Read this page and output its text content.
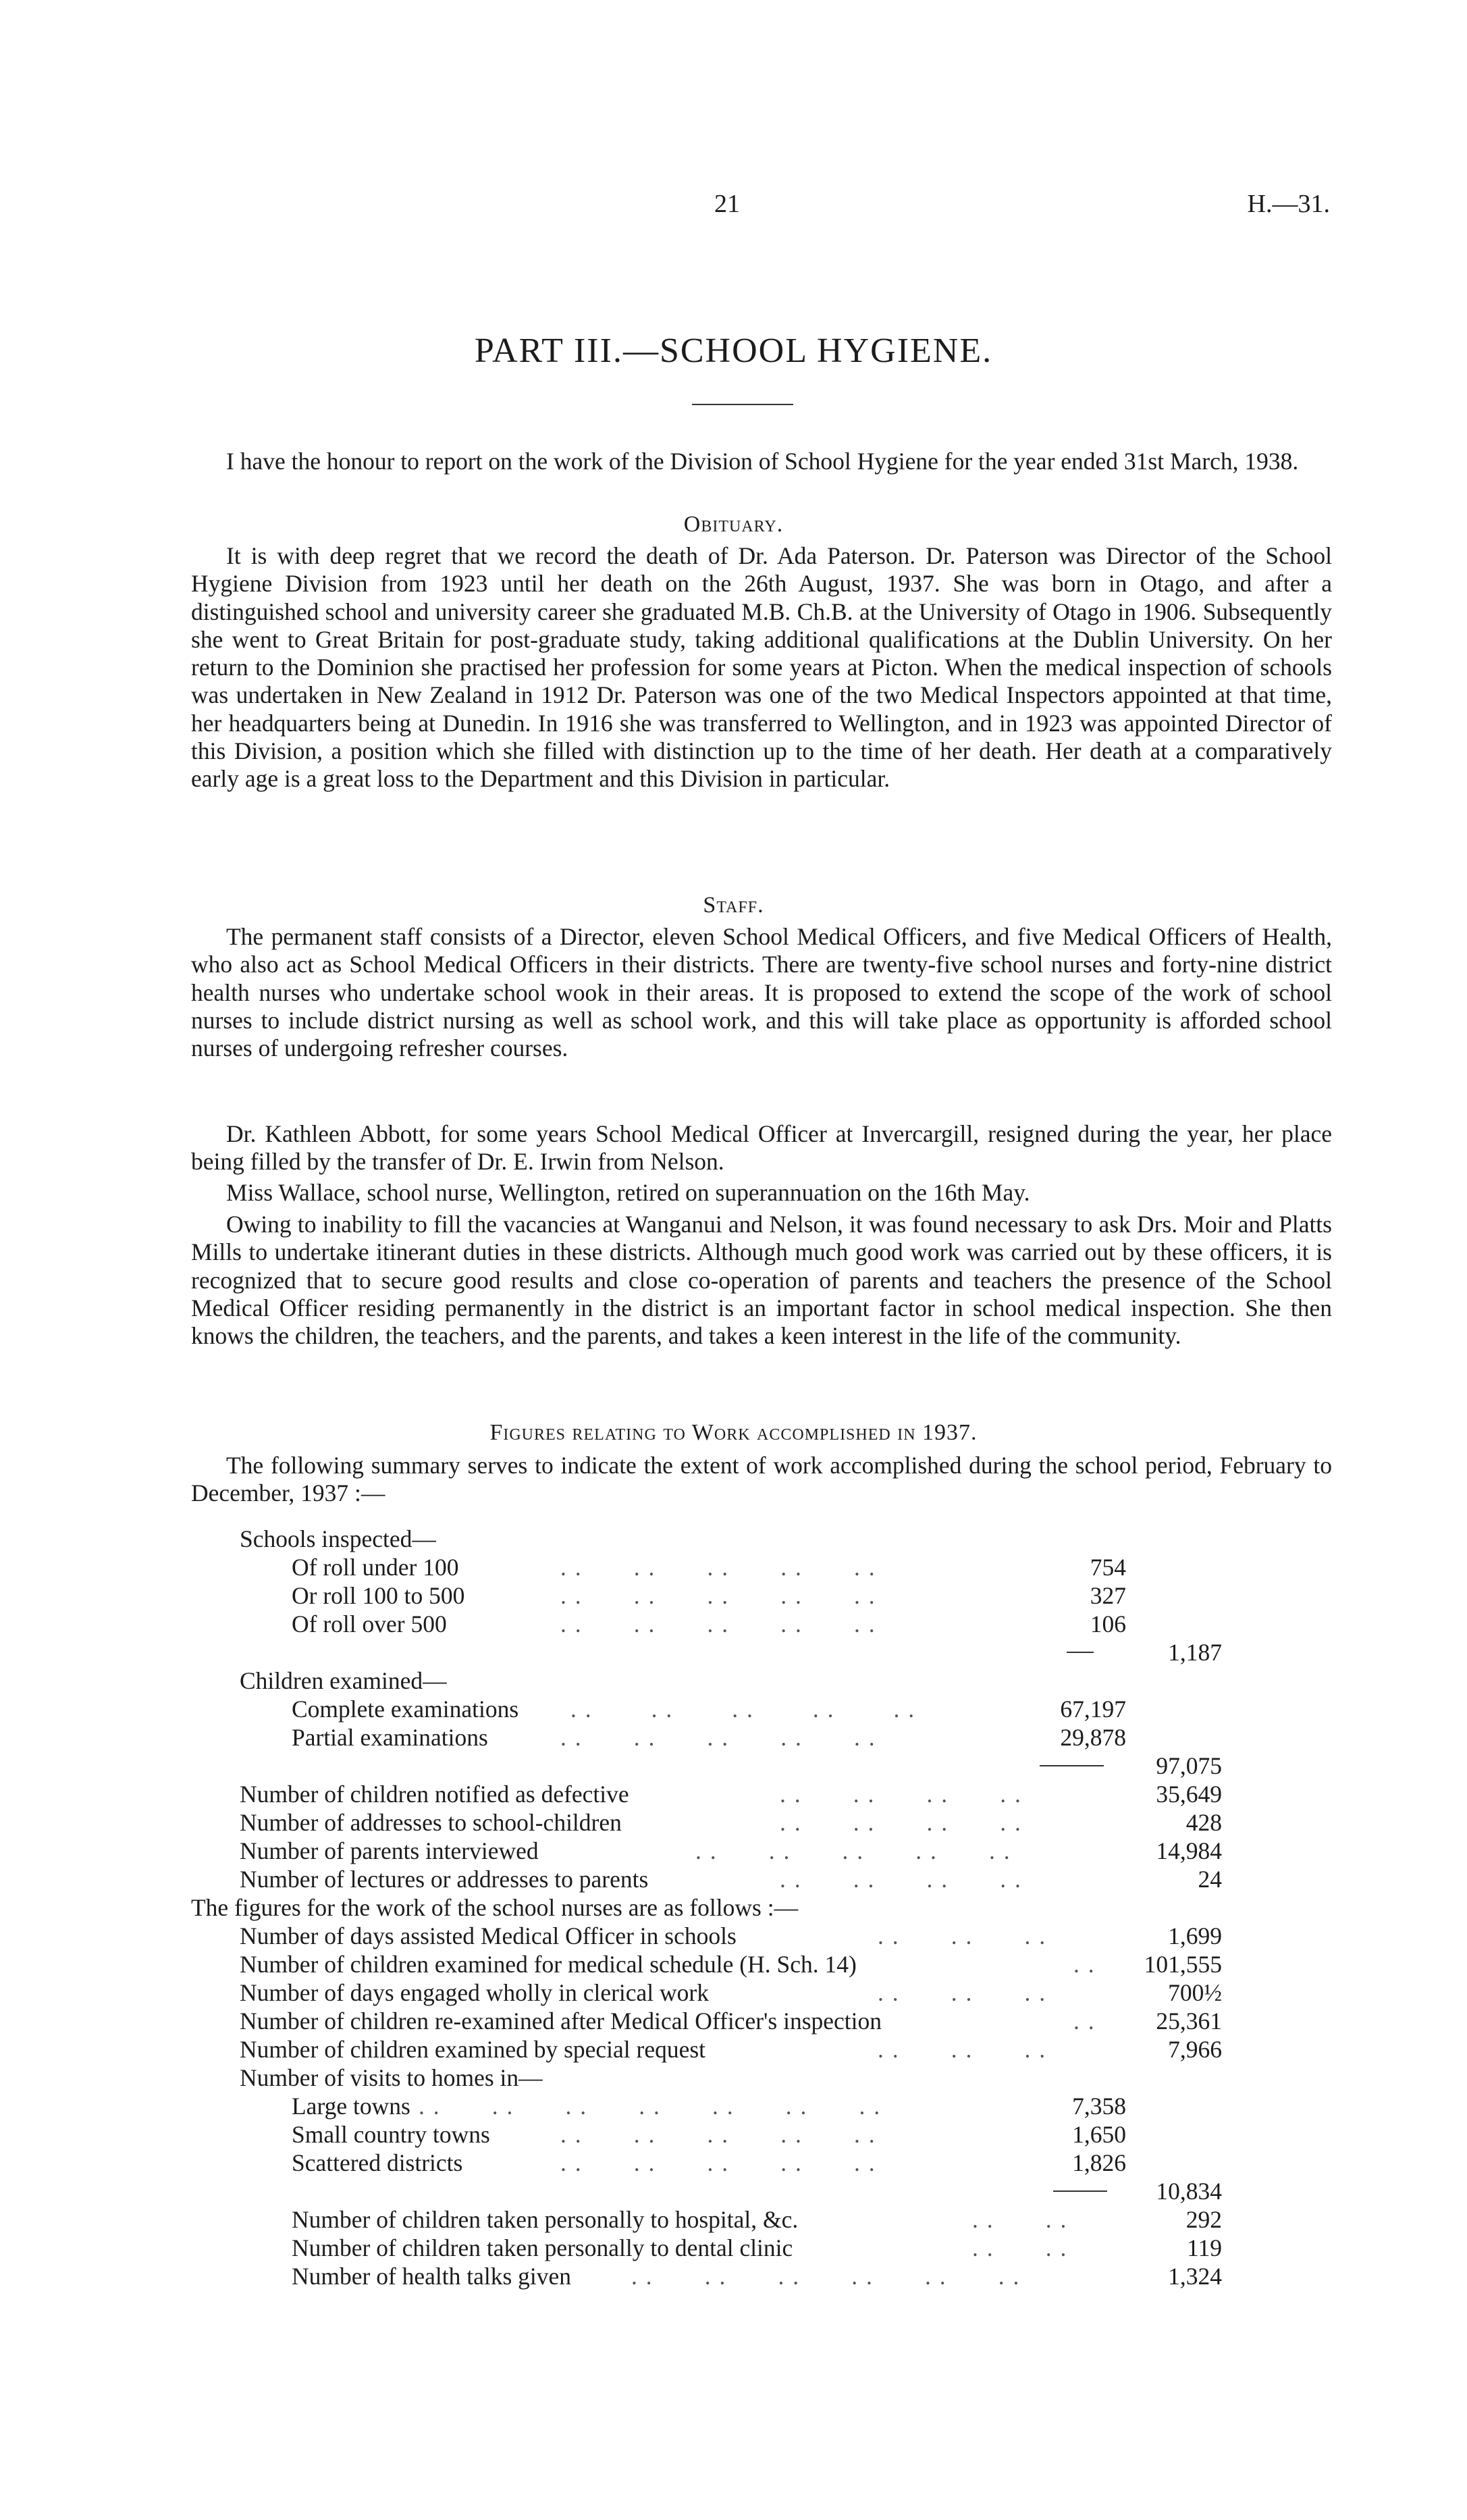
21	H.—31.
PART III.—SCHOOL HYGIENE.

I have the honour to report on the work of the Division of School Hygiene for the year ended 31st March, 1938.

Obituary.

It is with deep regret that we record the death of Dr. Ada Paterson. Dr. Paterson was Director of the School Hygiene Division from 1923 until her death on the 26th August, 1937. She was born in Otago, and after a distinguished school and university career she graduated M.B. Ch.B. at the University of Otago in 1906. Subsequently she went to Great Britain for post-graduate study, taking additional qualifications at the Dublin University. On her return to the Dominion she practised her profession for some years at Picton. When the medical inspection of schools was undertaken in New Zealand in 1912 Dr. Paterson was one of the two Medical Inspectors appointed at that time, her headquarters being at Dunedin. In 1916 she was transferred to Wellington, and in 1923 was appointed Director of this Division, a position which she filled with distinction up to the time of her death. Her death at a comparatively early age is a great loss to the Department and this Division in particular.

Staff.

The permanent staff consists of a Director, eleven School Medical Officers, and five Medical Officers of Health, who also act as School Medical Officers in their districts. There are twenty-five school nurses and forty-nine district health nurses who undertake school wook in their areas. It is proposed to extend the scope of the work of school nurses to include district nursing as well as school work, and this will take place as opportunity is afforded school nurses of undergoing refresher courses.

Dr. Kathleen Abbott, for some years School Medical Officer at Invercargill, resigned during the year, her place being filled by the transfer of Dr. E. Irwin from Nelson.

Miss Wallace, school nurse, Wellington, retired on superannuation on the 16th May.

Owing to inability to fill the vacancies at Wanganui and Nelson, it was found necessary to ask Drs. Moir and Platts Mills to undertake itinerant duties in these districts. Although much good work was carried out by these officers, it is recognized that to secure good results and close co-operation of parents and teachers the presence of the School Medical Officer residing permanently in the district is an important factor in school medical inspection. She then knows the children, the teachers, and the parents, and takes a keen interest in the life of the community.

Figures relating to Work accomplished in 1937.

The following summary serves to indicate the extent of work accomplished during the school period, February to December, 1937 :—

Schools inspected—
Of roll under 100	. .       . .       . .       . .       . .	754
Or roll 100 to 500	. .       . .       . .       . .       . .	327
Of roll over 500	. .       . .       . .       . .       . .	106
1,187
Children examined—
Complete examinations . .        . .        . .        . .        . .	67,197
Partial examinations	. .       . .       . .       . .       . .	29,878
97,075
Number of children notified as defective	. .       . .       . .       . .	35,649
Number of addresses to school-children	. .       . .       . .       . .	428
Number of parents interviewed	. .       . .       . .       . .       . .	14,984
Number of lectures or addresses to parents	. .       . .       . .       . .	24
The figures for the work of the school nurses are as follows :—
Number of days assisted Medical Officer in schools	. .       . .       . .	1,699
Number of children examined for medical schedule (H. Sch. 14)	. . 101,555
Number of days engaged wholly in clerical work	. .       . .       . .	700½
Number of children re-examined after Medical Officer's inspection	. .	25,361
Number of children examined by special request	. .       . .       . .	7,966
Number of visits to homes in—
Large towns . .       . .       . .       . .       . .       . .       . .	7,358
Small country towns	. .       . .       . .       . .       . .	1,650
Scattered districts	. .       . .       . .       . .       . .	1,826
10,834
Number of children taken personally to hospital, &c.	. .       . .	292
Number of children taken personally to dental clinic	. .       . .	119
Number of health talks given	. .       . .       . .       . .       . .       . .	1,324
